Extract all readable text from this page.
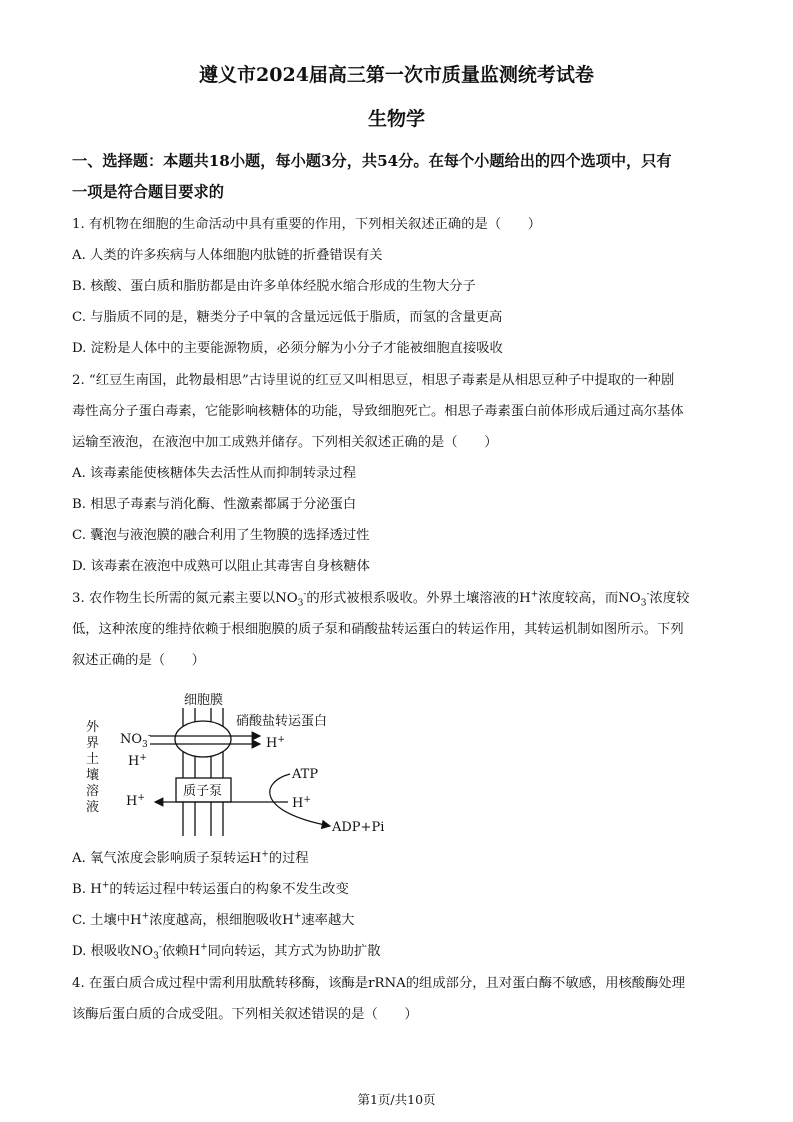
遵义市2024届高三第一次市质量监测统考试卷
生物学
一、选择题：本题共18小题，每小题3分，共54分。在每个小题给出的四个选项中，只有
一项是符合题目要求的
1. 有机物在细胞的生命活动中具有重要的作用，下列相关叙述正确的是（　　）
A. 人类的许多疾病与人体细胞内肽链的折叠错误有关
B. 核酸、蛋白质和脂肪都是由许多单体经脱水缩合形成的生物大分子
C. 与脂质不同的是，糖类分子中氧的含量远远低于脂质，而氢的含量更高
D. 淀粉是人体中的主要能源物质，必须分解为小分子才能被细胞直接吸收
2. “红豆生南国，此物最相思”古诗里说的红豆又叫相思豆，相思子毒素是从相思豆种子中提取的一种剧
毒性高分子蛋白毒素，它能影响核糖体的功能，导致细胞死亡。相思子毒素蛋白前体形成后通过高尔基体
运输至液泡，在液泡中加工成熟并储存。下列相关叙述正确的是（　　）
A. 该毒素能使核糖体失去活性从而抑制转录过程
B. 相思子毒素与消化酶、性激素都属于分泌蛋白
C. 囊泡与液泡膜的融合利用了生物膜的选择透过性
D. 该毒素在液泡中成熟可以阻止其毒害自身核糖体
3. 农作物生长所需的氮元素主要以$NO_3^-$的形式被根系吸收。外界土壤溶液的H+浓度较高，而$NO_3^-$浓度较
低，这种浓度的维持依赖于根细胞膜的质子泵和硝酸盐转运蛋白的转运作用，其转运机制如图所示。下列
叙述正确的是（　　）
细胞膜
硝酸盐转运蛋白
外
界
土
壤
溶
液
质子泵
$NO_3^-$
H+
H+
H+
ATP
H+
ADP+Pi
A. 氧气浓度会影响质子泵转运H+的过程
B. H+的转运过程中转运蛋白的构象不发生改变
C. 土壤中H+浓度越高，根细胞吸收H+速率越大
D. 根吸收$NO_3^-$依赖H+同向转运，其方式为协助扩散
4. 在蛋白质合成过程中需利用肽酰转移酶，该酶是rRNA的组成部分，且对蛋白酶不敏感，用核酸酶处理
该酶后蛋白质的合成受阻。下列相关叙述错误的是（　　）
第1页/共10页
